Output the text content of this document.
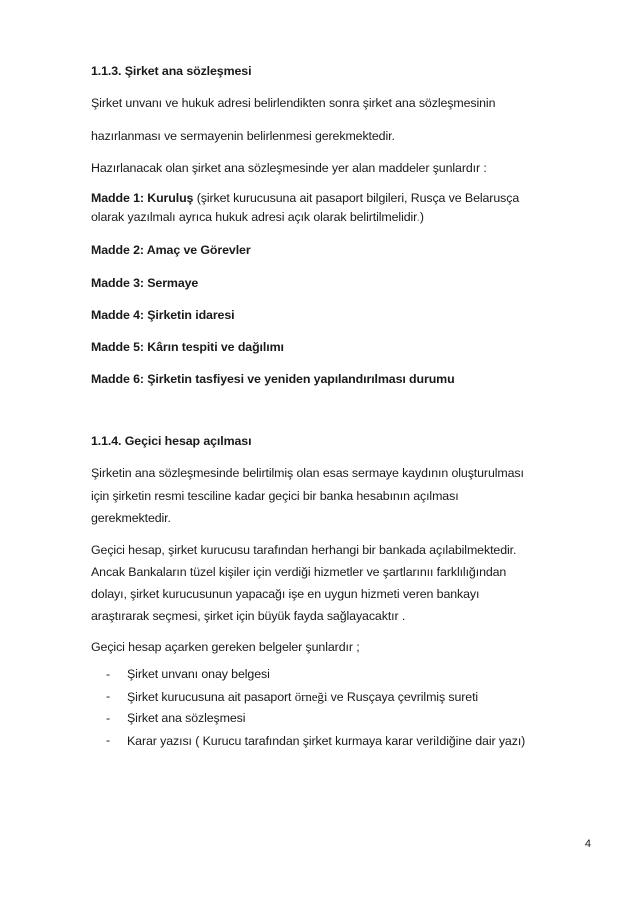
1.1.3. Şirket ana sözleşmesi
Şirket unvanı ve hukuk adresi belirlendikten sonra şirket ana sözleşmesinin
hazırlanması ve sermayenin belirlenmesi gerekmektedir.
Hazırlanacak olan şirket ana sözleşmesinde yer alan maddeler şunlardır :
Madde 1: Kuruluş (şirket kurucusuna ait pasaport bilgileri, Rusça ve Belarusça
olarak yazılmalı ayrıca hukuk adresi açık olarak belirtilmelidir.)
Madde 2: Amaç ve Görevler
Madde 3: Sermaye
Madde 4: Şirketin idaresi
Madde 5: Kârın tespiti ve dağılımı
Madde 6: Şirketin tasfiyesi ve yeniden yapılandırılması durumu
1.1.4. Geçici hesap açılması
Şirketin ana sözleşmesinde belirtilmiş olan esas sermaye kaydının oluşturulması
için şirketin resmi tesciline kadar geçici bir banka hesabının açılması
gerekmektedir.
Geçici hesap, şirket kurucusu tarafından herhangi bir bankada açılabilmektedir.
Ancak Bankaların tüzel kişiler için verdiği hizmetler ve şartlarınıı farklılığından
dolayı, şirket kurucusunun yapacağı işe en uygun hizmeti veren bankayı
araştırarak seçmesi, şirket için büyük fayda sağlayacaktır .
Geçici hesap açarken gereken belgeler şunlardır ;
- Şirket unvanı onay belgesi
- Şirket kurucusuna ait pasaport örneği ve Rusçaya çevrilmiş sureti
- Şirket ana sözleşmesi
- Karar yazısı ( Kurucu tarafından şirket kurmaya karar verildiğine dair yazı)
4
